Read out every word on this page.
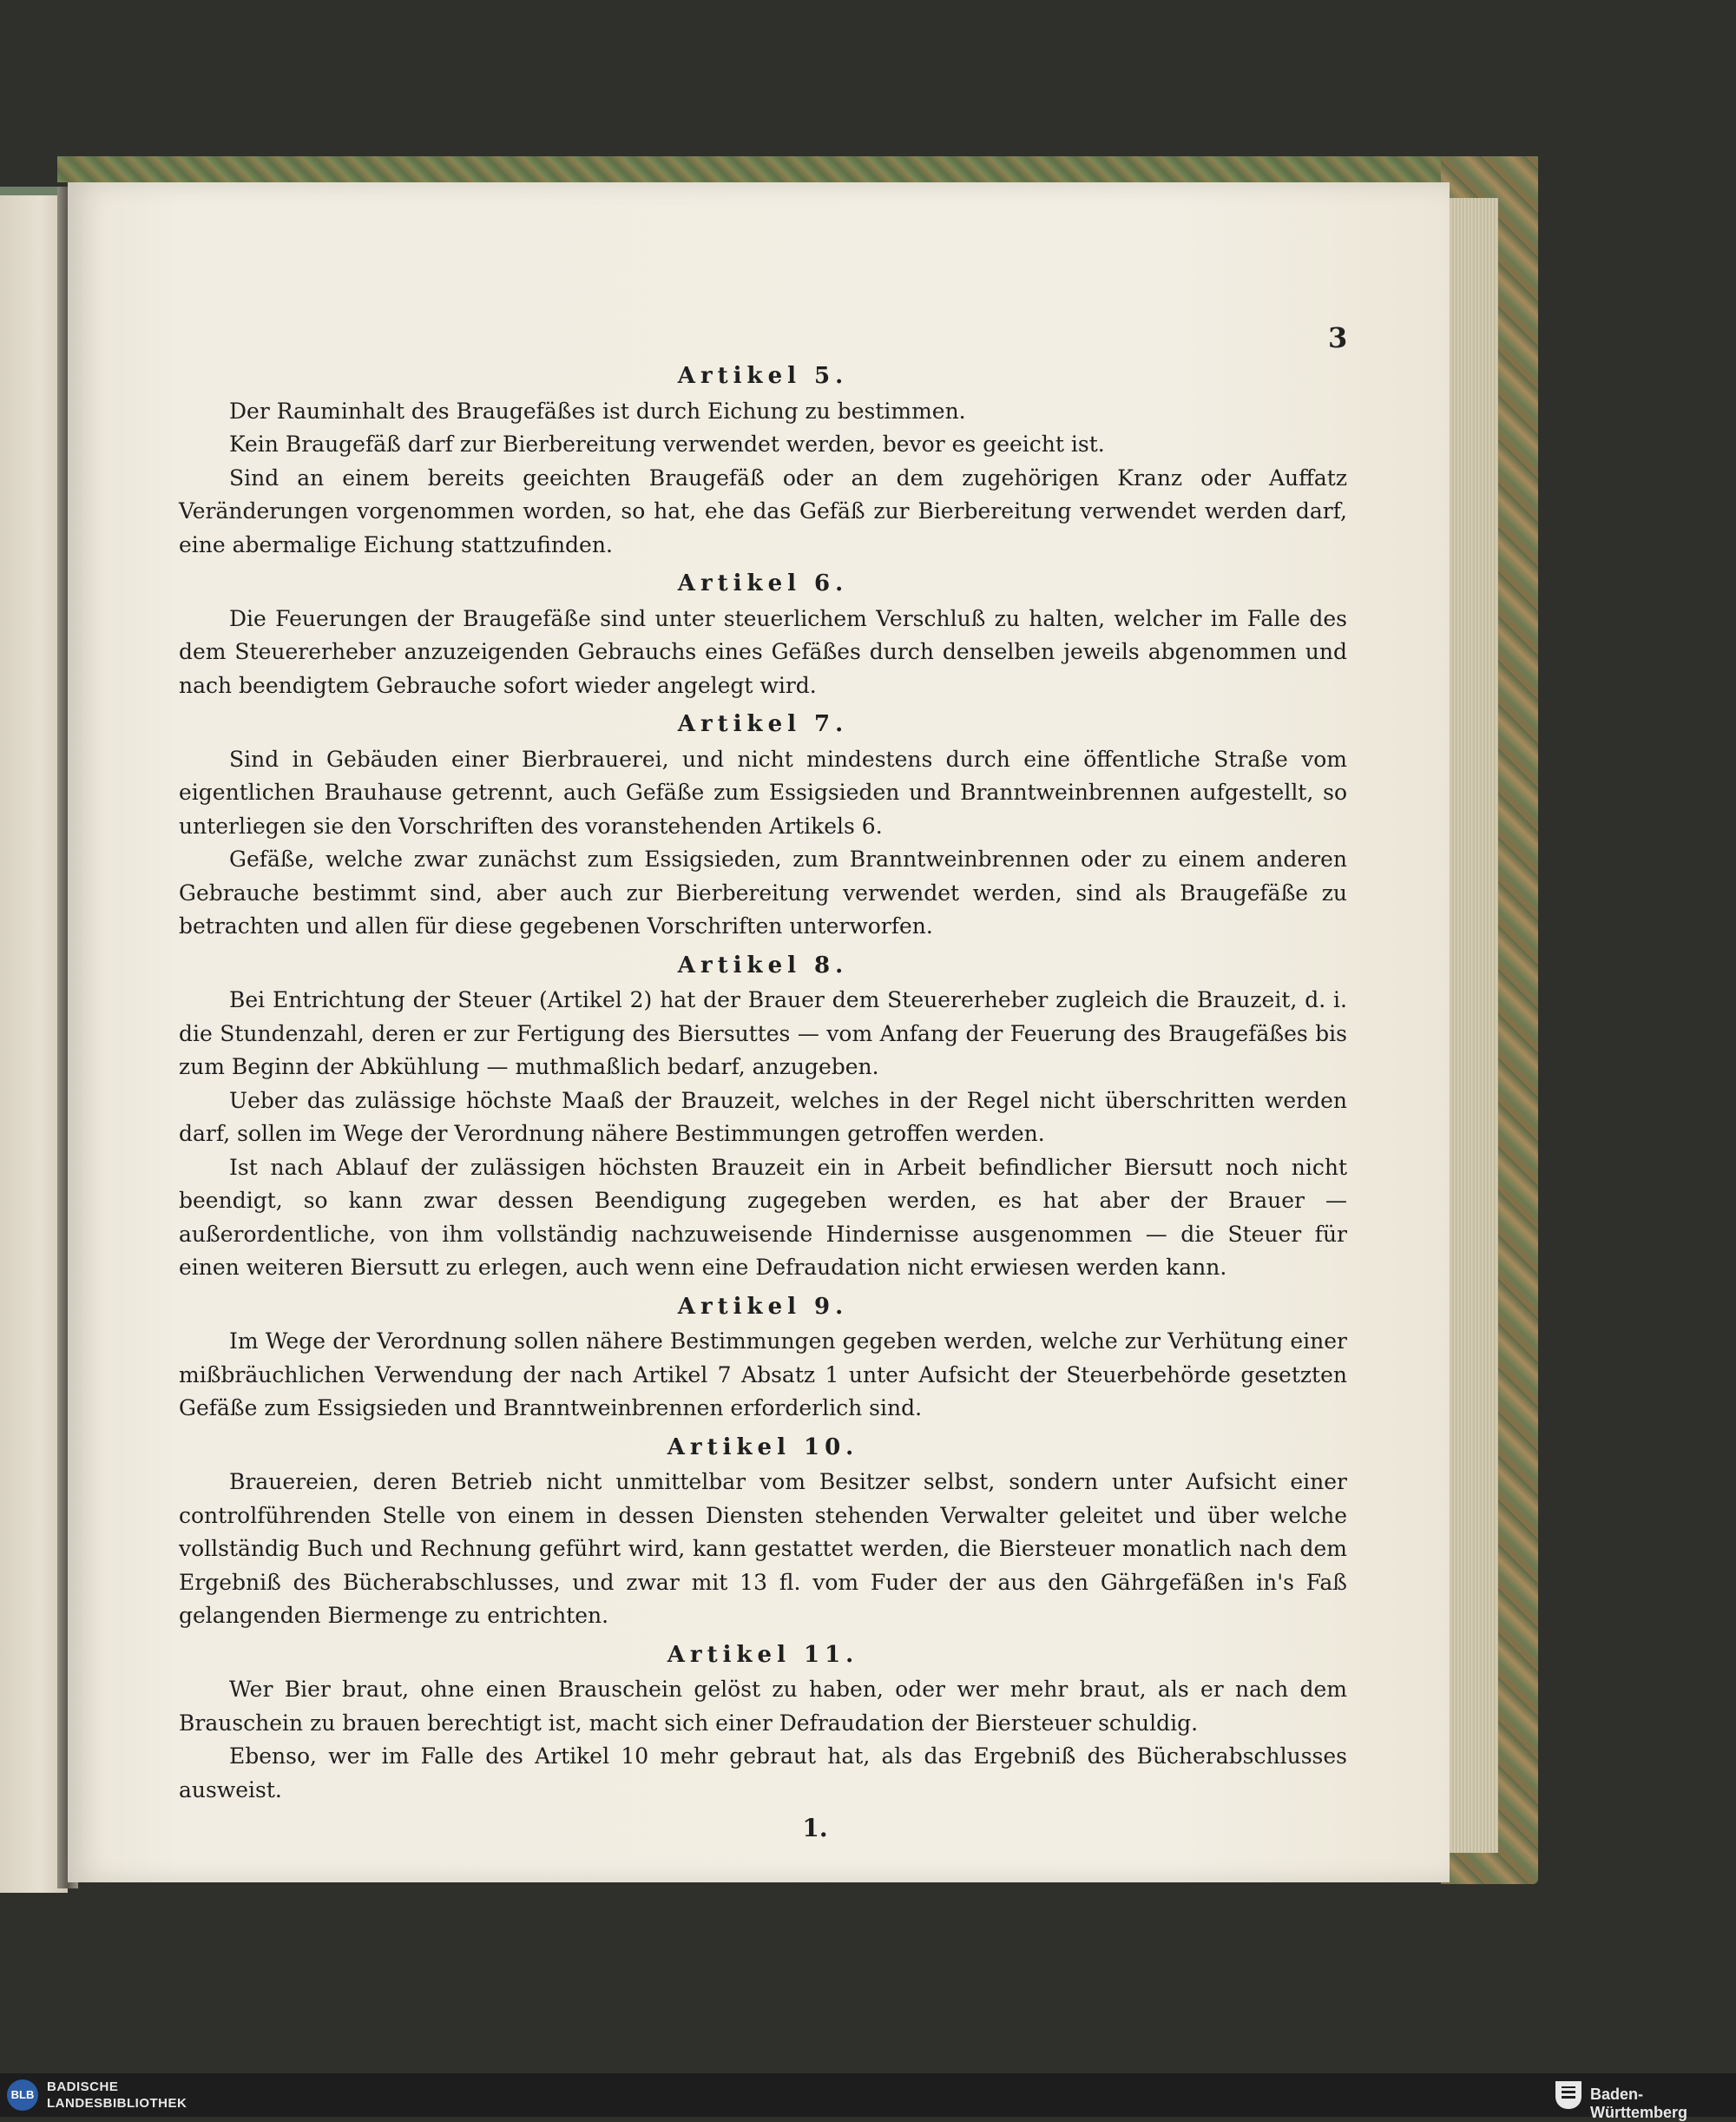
3
Artikel 5.

Der Rauminhalt des Braugefäßes ist durch Eichung zu bestimmen.

Kein Braugefäß darf zur Bierbereitung verwendet werden, bevor es geeicht ist.

Sind an einem bereits geeichten Braugefäß oder an dem zugehörigen Kranz oder Auffatz Veränderungen vorgenommen worden, so hat, ehe das Gefäß zur Bierbereitung verwendet werden darf, eine abermalige Eichung stattzufinden.

Artikel 6.

Die Feuerungen der Braugefäße sind unter steuerlichem Verschluß zu halten, welcher im Falle des dem Steuererheber anzuzeigenden Gebrauchs eines Gefäßes durch denselben jeweils abgenommen und nach beendigtem Gebrauche sofort wieder angelegt wird.

Artikel 7.

Sind in Gebäuden einer Bierbrauerei, und nicht mindestens durch eine öffentliche Straße vom eigentlichen Brauhause getrennt, auch Gefäße zum Essigsieden und Branntweinbrennen aufgestellt, so unterliegen sie den Vorschriften des voranstehenden Artikels 6.

Gefäße, welche zwar zunächst zum Essigsieden, zum Branntweinbrennen oder zu einem anderen Gebrauche bestimmt sind, aber auch zur Bierbereitung verwendet werden, sind als Braugefäße zu betrachten und allen für diese gegebenen Vorschriften unterworfen.

Artikel 8.

Bei Entrichtung der Steuer (Artikel 2) hat der Brauer dem Steuererheber zugleich die Brauzeit, d. i. die Stundenzahl, deren er zur Fertigung des Biersuttes — vom Anfang der Feuerung des Braugefäßes bis zum Beginn der Abkühlung — muthmaßlich bedarf, anzugeben.

Ueber das zulässige höchste Maaß der Brauzeit, welches in der Regel nicht überschritten werden darf, sollen im Wege der Verordnung nähere Bestimmungen getroffen werden.

Ist nach Ablauf der zulässigen höchsten Brauzeit ein in Arbeit befindlicher Biersutt noch nicht beendigt, so kann zwar dessen Beendigung zugegeben werden, es hat aber der Brauer — außerordentliche, von ihm vollständig nachzuweisende Hindernisse ausgenommen — die Steuer für einen weiteren Biersutt zu erlegen, auch wenn eine Defraudation nicht erwiesen werden kann.

Artikel 9.

Im Wege der Verordnung sollen nähere Bestimmungen gegeben werden, welche zur Verhütung einer mißbräuchlichen Verwendung der nach Artikel 7 Absatz 1 unter Aufsicht der Steuerbehörde gesetzten Gefäße zum Essigsieden und Branntweinbrennen erforderlich sind.

Artikel 10.

Brauereien, deren Betrieb nicht unmittelbar vom Besitzer selbst, sondern unter Aufsicht einer controlführenden Stelle von einem in dessen Diensten stehenden Verwalter geleitet und über welche vollständig Buch und Rechnung geführt wird, kann gestattet werden, die Biersteuer monatlich nach dem Ergebniß des Bücherabschlusses, und zwar mit 13 fl. vom Fuder der aus den Gährgefäßen in's Faß gelangenden Biermenge zu entrichten.

Artikel 11.

Wer Bier braut, ohne einen Brauschein gelöst zu haben, oder wer mehr braut, als er nach dem Brauschein zu brauen berechtigt ist, macht sich einer Defraudation der Biersteuer schuldig.

Ebenso, wer im Falle des Artikel 10 mehr gebraut hat, als das Ergebniß des Bücherabschlusses ausweist.

1.
BLB
BADISCHE
LANDESBIBLIOTHEK
Baden-Württemberg
